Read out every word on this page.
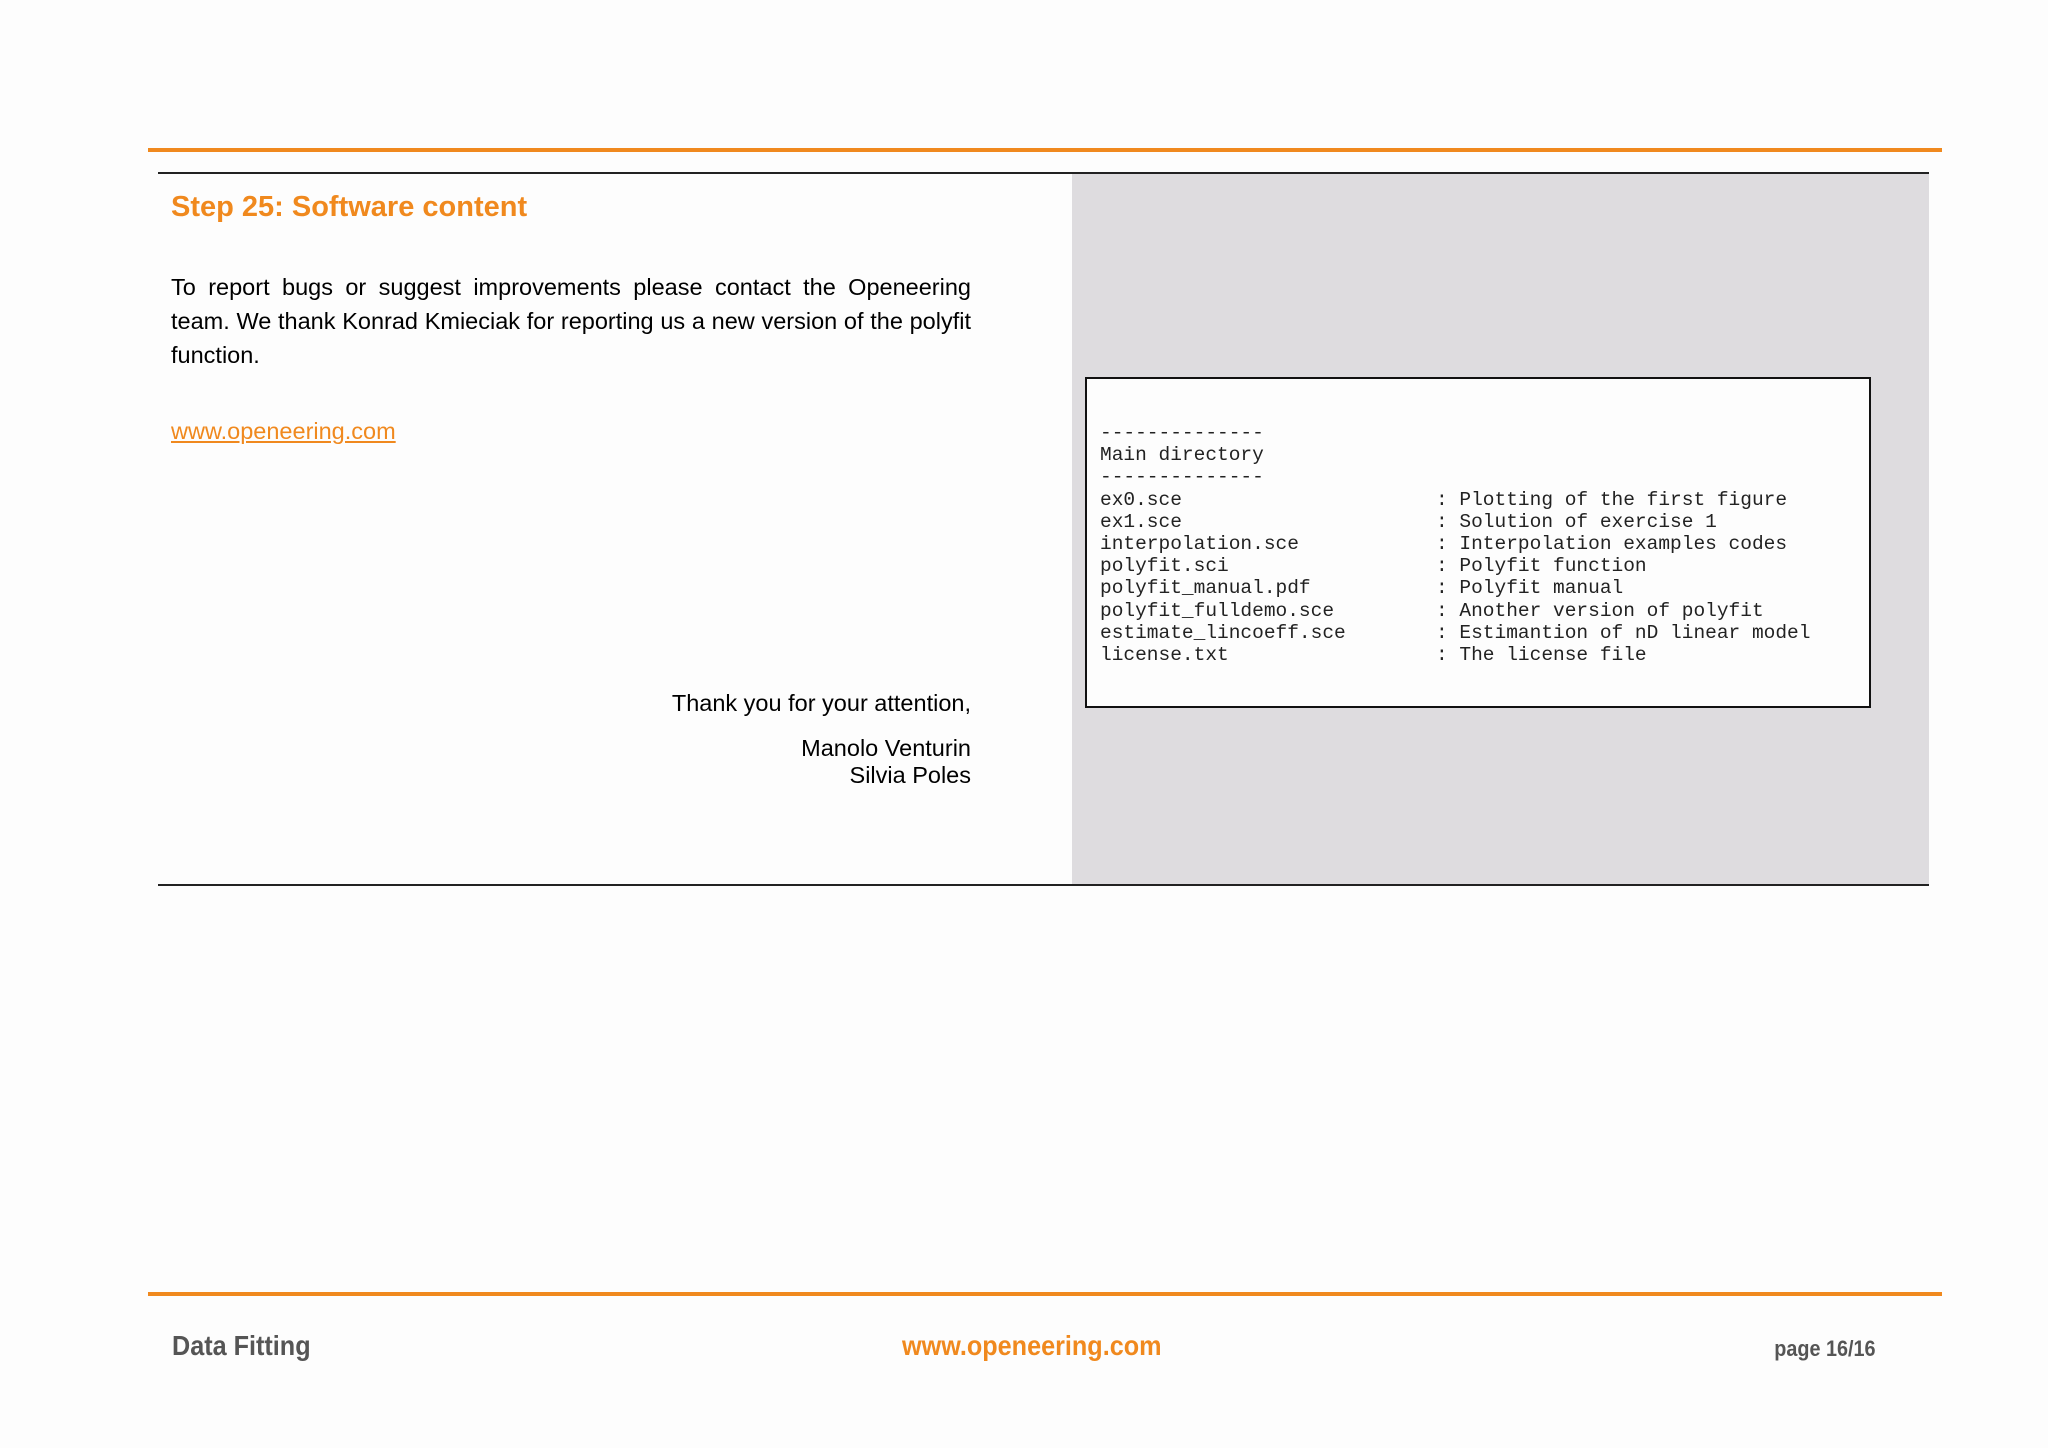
Step 25: Software content

To report bugs or suggest improvements please contact the Openeering team. We thank Konrad Kmieciak for reporting us a new version of the polyfit function.

www.openeering.com
Thank you for your attention,
Manolo Venturin
Silvia Poles
--------------
Main directory
--------------

ex0.sce

	: Plotting of the first figure

ex1.sce

	: Solution of exercise 1

interpolation.sce

	: Interpolation examples codes

polyfit.sci

	: Polyfit function

polyfit_manual.pdf

	: Polyfit manual

polyfit_fulldemo.sce

	: Another version of polyfit

estimate_lincoeff.sce

	: Estimantion of nD linear model

license.txt

	: The license file

Data Fitting	www.openeering.com	page 16/16
